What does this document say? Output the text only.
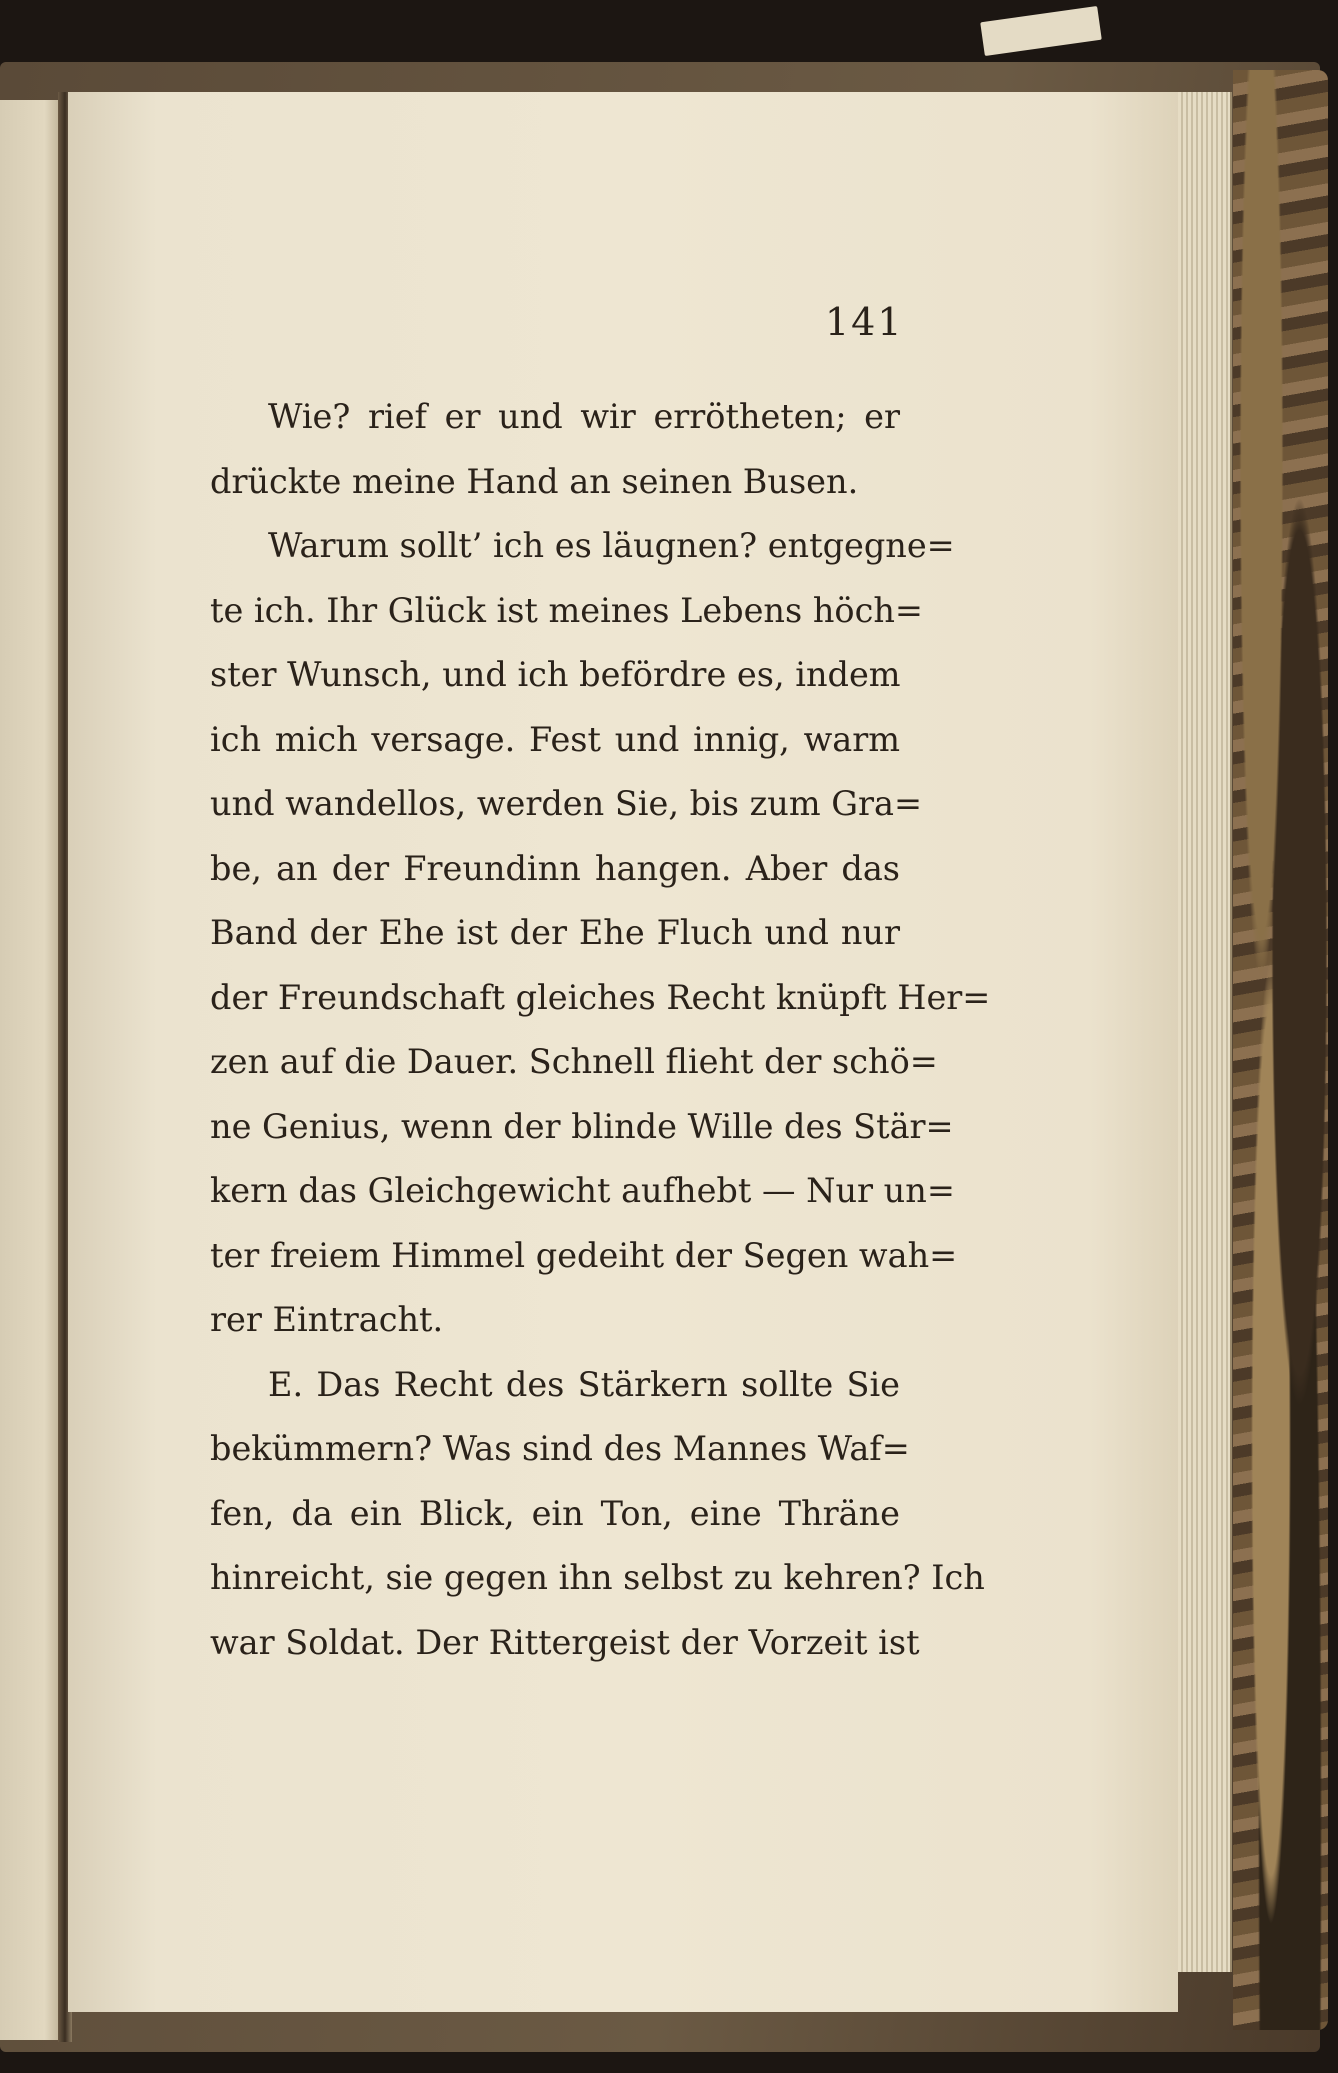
141
Wie? rief er und wir errötheten; er
drückte meine Hand an seinen Busen.
Warum sollt’ ich es läugnen? entgegne=
te ich. Ihr Glück ist meines Lebens höch=
ster Wunsch, und ich befördre es, indem
ich mich versage. Fest und innig, warm
und wandellos, werden Sie, bis zum Gra=
be, an der Freundinn hangen. Aber das
Band der Ehe ist der Ehe Fluch und nur
der Freundschaft gleiches Recht knüpft Her=
zen auf die Dauer. Schnell flieht der schö=
ne Genius, wenn der blinde Wille des Stär=
kern das Gleichgewicht aufhebt — Nur un=
ter freiem Himmel gedeiht der Segen wah=
rer Eintracht.
E. Das Recht des Stärkern sollte Sie
bekümmern? Was sind des Mannes Waf=
fen, da ein Blick, ein Ton, eine Thräne
hinreicht, sie gegen ihn selbst zu kehren? Ich
war Soldat. Der Rittergeist der Vorzeit ist
